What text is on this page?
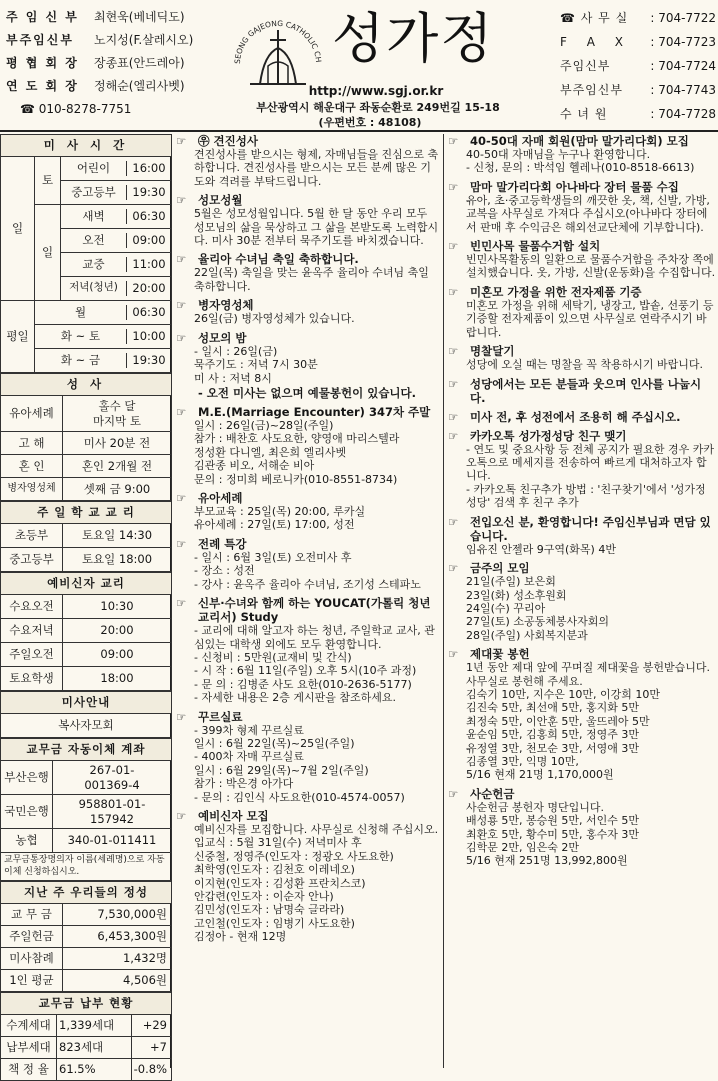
주 임 신 부	최현욱(베네딕도)
부주임신부	노지성(F.살레시오)
평 협 회 장	장종표(안드레아)
연 도 회 장	정해순(엘리사벳)
☎ 010-8278-7751
SEONG GAJEONG CATHOLIC CH 성가정
http://www.sgj.or.kr
부산광역시 해운대구 좌동순환로 249번길 15-18
(우편번호 : 48108)
☎ 사 무 실 : 704-7722
F A X : 704-7723
주임신부	: 704-7724
부주임신부 : 704-7743
수 녀 원	: 704-7728
미 사 시 간		
일	토	어린이 16:00

		중고등부 19:30

	일	새벽 06:30

		오전 09:00

		교중 11:00

		저녁(청년) 20:00

평일	월 06:30	

	화 ~ 토 10:00	

	화 ~ 금 19:30	
성 사	
유아세례	홀수 달
마지막 토
고 해	미사 20분 전
혼 인	혼인 2개월 전
병자영성체	셋째 금 9:00
주 일 학 교 교 리	
초등부	토요일 14:30
중고등부	토요일 18:00
예비신자 교리	
수요오전	10:30
수요저녁	20:00
주일오전	09:00
토요학생	18:00
미사안내
복사자모회
교무금 자동이체 계좌	
부산은행	267-01-
001369-4
국민은행	958801-01-
157942
농협	340-01-011411
교무금통장명의자 이름(세례명)으로 자동이체 신청하십시오.	
지난 주 우리들의 정성	
교 무 금	7,530,000원
주일헌금	6,453,300원
미사참례	1,432명
1인 평균	4,506원
교무금 납부 현황		
수계세대	1,339세대	+29
납부세대	823세대	+7
책 정 율	61.5%	-0.8%
☞	㉾ 견진성사
견진성사를 받으시는 형제, 자매님들을 진심으로 축하합니다. 견진성사를 받으시는 모든 분께 많은 기도와 격려를 부탁드립니다.
☞	성모성월
5월은 성모성월입니다. 5월 한 달 동안 우리 모두 성모님의 삶을 묵상하고 그 삶을 본받도록 노력합시다. 미사 30분 전부터 묵주기도를 바치겠습니다.
☞	율리아 수녀님 축일 축하합니다.
22일(목) 축일을 맞는 윤옥주 율리아 수녀님 축일 축하합니다.
☞	병자영성체
26일(금) 병자영성체가 있습니다.
☞	성모의 밤
- 일시 : 26일(금)
묵주기도 : 저녁 7시 30분
미 사 : 저녁 8시
- 오전 미사는 없으며 예물봉헌이 있습니다.
☞	M.E.(Marriage Encounter) 347차 주말
일시 : 26일(금)~28일(주일)
참가 : 배찬호 사도요한, 양영애 마리스텔라
정성환 다니엘, 최은희 엘리사벳
김관종 비오, 서해순 비아
문의 : 정미희 베로니카(010-8551-8734)
☞	유아세례
부모교육 : 25일(목) 20:00, 루카실
유아세례 : 27일(토) 17:00, 성전
☞	전례 특강
- 일시 : 6월 3일(토) 오전미사 후
- 장소 : 성전
- 강사 : 윤옥주 율리아 수녀님, 조기성 스테파노
☞	신부·수녀와 함께 하는 YOUCAT(가톨릭 청년 교리서) Study
- 교리에 대해 알고자 하는 청년, 주일학교 교사, 관심있는 대학생 외에도 모두 환영합니다.
- 신청비 : 5만원(교재비 및 간식)
- 시 작 : 6월 11일(주일) 오후 5시(10주 과정)
- 문 의 : 김병준 사도 요한(010-2636-5177)
- 자세한 내용은 2층 게시판을 참조하세요.
☞	꾸르실료
- 399차 형제 꾸르실료
일시 : 6월 22일(목)~25일(주일)
- 400차 자매 꾸르실료
일시 : 6월 29일(목)~7월 2일(주일)
참가 : 박은경 아가다
- 문의 : 김인식 사도요한(010-4574-0057)
☞	예비신자 모집
예비신자를 모집합니다. 사무실로 신청해 주십시오.
입교식 : 5월 31일(수) 저녁미사 후
신중철, 정영주(인도자 : 정광오 사도요한)
최학영(인도자 : 김천호 이레네오)
이지현(인도자 : 김성환 프란치스코)
안갑련(인도자 : 이순자 안나)
김민성(인도자 : 남명숙 글라라)
고인철(인도자 : 임병기 사도요한)
김정아 - 현재 12명
☞	40-50대 자매 회원(맘마 말가리다회) 모집
40-50대 자매님을 누구나 환영합니다.
- 신청, 문의 : 박석임 헬레나(010-8518-6613)
☞	맘마 말가리다회 아나바다 장터 물품 수집
유아, 초·중고등학생들의 깨끗한 옷, 책, 신발, 가방, 교복을 사무실로 가져다 주십시오(아나바다 장터에서 판매 후 수익금은 해외선교단체에 기부합니다).
☞	빈민사목 물품수거함 설치
빈민사목활동의 일환으로 물품수거함을 주차장 쪽에 설치했습니다. 옷, 가방, 신발(운동화)을 수집합니다.
☞	미혼모 가정을 위한 전자제품 기증
미혼모 가정을 위해 세탁기, 냉장고, 밥솥, 선풍기 등 기증할 전자제품이 있으면 사무실로 연락주시기 바랍니다.
☞	명찰달기
성당에 오실 때는 명찰을 꼭 착용하시기 바랍니다.
☞	성당에서는 모든 분들과 웃으며 인사를 나눕시다.
☞	미사 전, 후 성전에서 조용히 해 주십시오.
☞	카카오톡 성가정성당 친구 맺기
- 연도 및 중요사항 등 전체 공지가 필요한 경우 카카오톡으로 메세지를 전송하여 빠르게 대처하고자 합니다.
- 카카오톡 친구추가 방법 : '친구찾기'에서 '성가정성당' 검색 후 친구 추가
☞	전입오신 분, 환영합니다! 주임신부님과 면담 있습니다.
임유진 안젤라 9구역(화목) 4반
☞	금주의 모임
21일(주일) 보은회
23일(화) 성소후원회
24일(수) 꾸리아
27일(토) 소공동체봉사자회의
28일(주일) 사회복지분과
☞	제대꽃 봉헌
1년 동안 제대 앞에 꾸며질 제대꽃을 봉헌받습니다. 사무실로 봉헌해 주세요.
김숙기 10만, 지수은 10만, 이강희 10만
김진숙 5만, 최선애 5만, 홍지화 5만
최정숙 5만, 이안훈 5만, 울뜨레아 5만
윤순임 5만, 김홍희 5만, 정영주 3만
유정열 3만, 천모순 3만, 서영애 3만
김종열 3만, 익명 10만,
5/16 현재 21명 1,170,000원
☞	사순헌금
사순헌금 봉헌자 명단입니다.
배성룡 5만, 봉승원 5만, 서인수 5만
최환호 5만, 황수미 5만, 홍수자 3만
김학문 2만, 임은숙 2만
5/16 현재 251명 13,992,800원
